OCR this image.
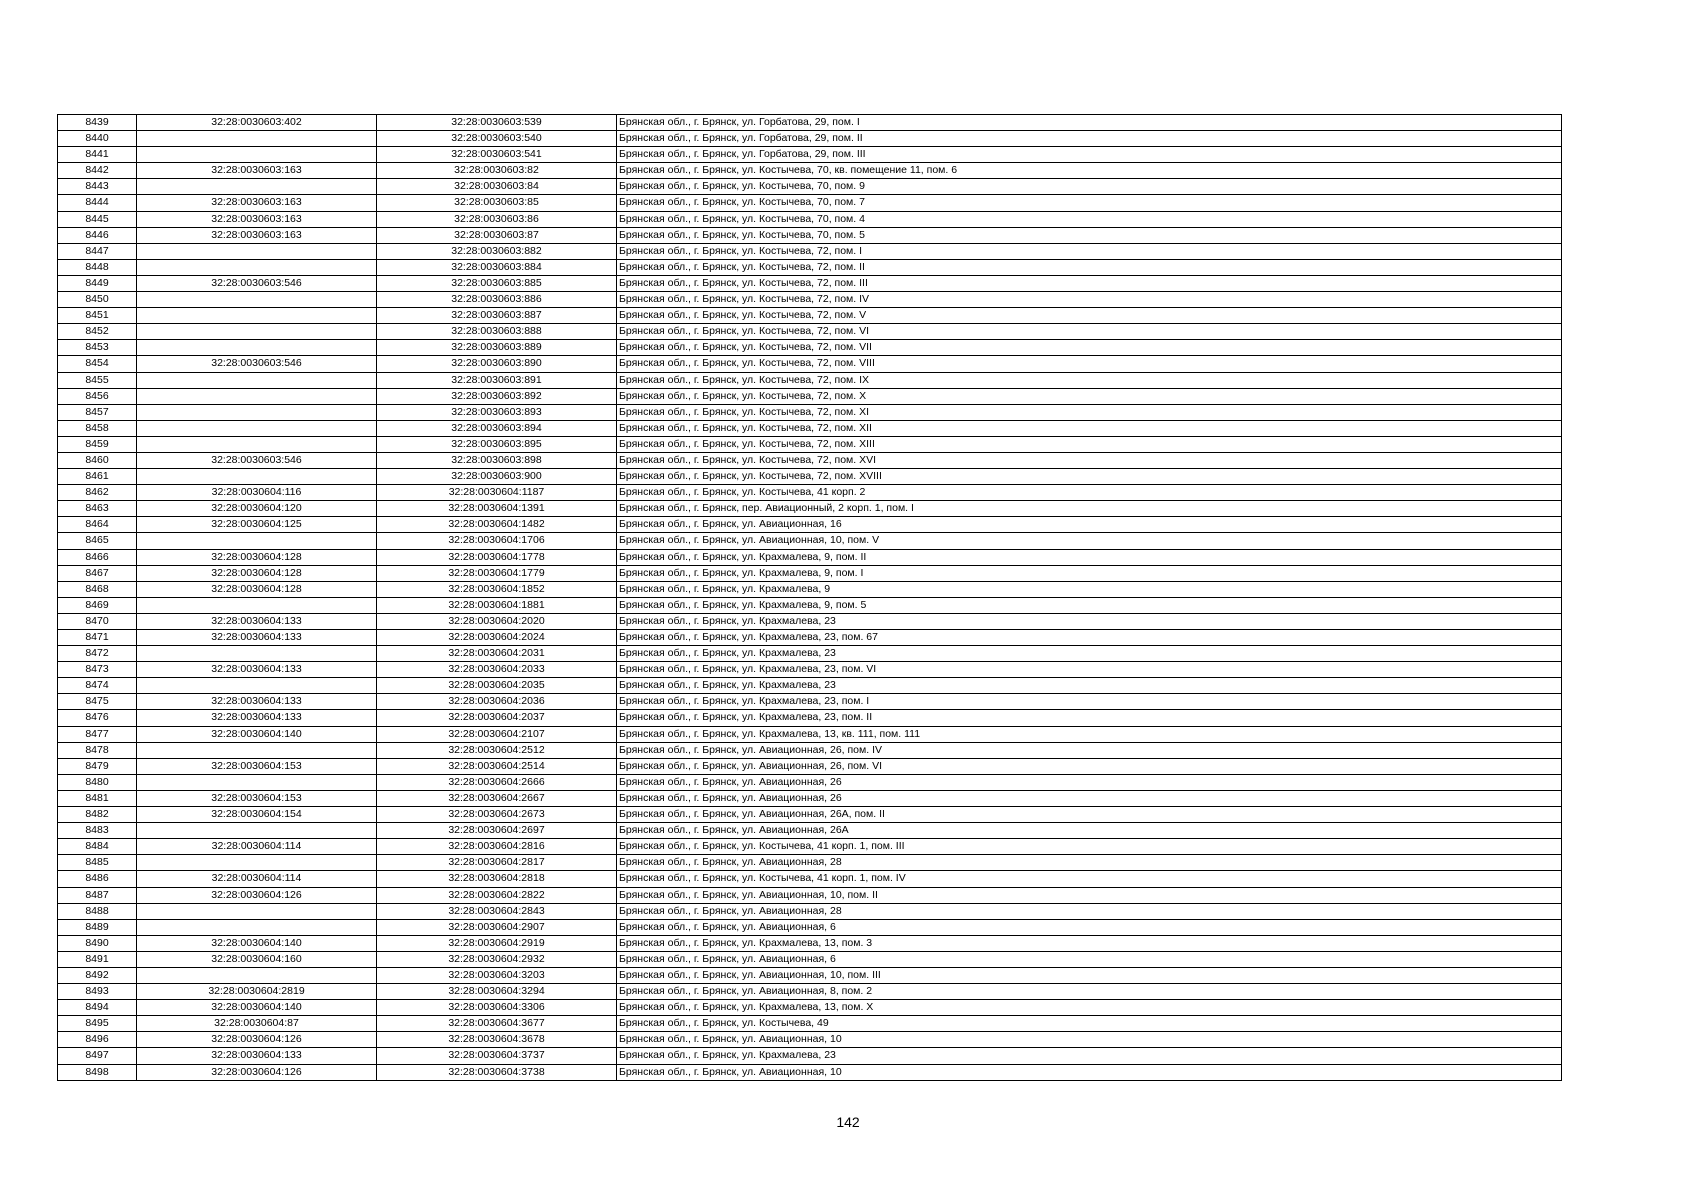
8439	32:28:0030603:402	32:28:0030603:539	Брянская обл., г. Брянск, ул. Горбатова, 29, пом. I
8440		32:28:0030603:540	Брянская обл., г. Брянск, ул. Горбатова, 29, пом. II
8441		32:28:0030603:541	Брянская обл., г. Брянск, ул. Горбатова, 29, пом. III
8442	32:28:0030603:163	32:28:0030603:82	Брянская обл., г. Брянск, ул. Костычева, 70, кв. помещение 11, пом. 6
8443		32:28:0030603:84	Брянская обл., г. Брянск, ул. Костычева, 70, пом. 9
8444	32:28:0030603:163	32:28:0030603:85	Брянская обл., г. Брянск, ул. Костычева, 70, пом. 7
8445	32:28:0030603:163	32:28:0030603:86	Брянская обл., г. Брянск, ул. Костычева, 70, пом. 4
8446	32:28:0030603:163	32:28:0030603:87	Брянская обл., г. Брянск, ул. Костычева, 70, пом. 5
8447		32:28:0030603:882	Брянская обл., г. Брянск, ул. Костычева, 72, пом. I
8448		32:28:0030603:884	Брянская обл., г. Брянск, ул. Костычева, 72, пом. II
8449	32:28:0030603:546	32:28:0030603:885	Брянская обл., г. Брянск, ул. Костычева, 72, пом. III
8450		32:28:0030603:886	Брянская обл., г. Брянск, ул. Костычева, 72, пом. IV
8451		32:28:0030603:887	Брянская обл., г. Брянск, ул. Костычева, 72, пом. V
8452		32:28:0030603:888	Брянская обл., г. Брянск, ул. Костычева, 72, пом. VI
8453		32:28:0030603:889	Брянская обл., г. Брянск, ул. Костычева, 72, пом. VII
8454	32:28:0030603:546	32:28:0030603:890	Брянская обл., г. Брянск, ул. Костычева, 72, пом. VIII
8455		32:28:0030603:891	Брянская обл., г. Брянск, ул. Костычева, 72, пом. IX
8456		32:28:0030603:892	Брянская обл., г. Брянск, ул. Костычева, 72, пом. X
8457		32:28:0030603:893	Брянская обл., г. Брянск, ул. Костычева, 72, пом. XI
8458		32:28:0030603:894	Брянская обл., г. Брянск, ул. Костычева, 72, пом. XII
8459		32:28:0030603:895	Брянская обл., г. Брянск, ул. Костычева, 72, пом. XIII
8460	32:28:0030603:546	32:28:0030603:898	Брянская обл., г. Брянск, ул. Костычева, 72, пом. XVI
8461		32:28:0030603:900	Брянская обл., г. Брянск, ул. Костычева, 72, пом. XVIII
8462	32:28:0030604:116	32:28:0030604:1187	Брянская обл., г. Брянск, ул. Костычева, 41 корп. 2
8463	32:28:0030604:120	32:28:0030604:1391	Брянская обл., г. Брянск, пер. Авиационный, 2 корп. 1, пом. I
8464	32:28:0030604:125	32:28:0030604:1482	Брянская обл., г. Брянск, ул. Авиационная, 16
8465		32:28:0030604:1706	Брянская обл., г. Брянск, ул. Авиационная, 10, пом. V
8466	32:28:0030604:128	32:28:0030604:1778	Брянская обл., г. Брянск, ул. Крахмалева, 9, пом. II
8467	32:28:0030604:128	32:28:0030604:1779	Брянская обл., г. Брянск, ул. Крахмалева, 9, пом. I
8468	32:28:0030604:128	32:28:0030604:1852	Брянская обл., г. Брянск, ул. Крахмалева, 9
8469		32:28:0030604:1881	Брянская обл., г. Брянск, ул. Крахмалева, 9, пом. 5
8470	32:28:0030604:133	32:28:0030604:2020	Брянская обл., г. Брянск, ул. Крахмалева, 23
8471	32:28:0030604:133	32:28:0030604:2024	Брянская обл., г. Брянск, ул. Крахмалева, 23, пом. 67
8472		32:28:0030604:2031	Брянская обл., г. Брянск, ул. Крахмалева, 23
8473	32:28:0030604:133	32:28:0030604:2033	Брянская обл., г. Брянск, ул. Крахмалева, 23, пом. VI
8474		32:28:0030604:2035	Брянская обл., г. Брянск, ул. Крахмалева, 23
8475	32:28:0030604:133	32:28:0030604:2036	Брянская обл., г. Брянск, ул. Крахмалева, 23, пом. I
8476	32:28:0030604:133	32:28:0030604:2037	Брянская обл., г. Брянск, ул. Крахмалева, 23, пом. II
8477	32:28:0030604:140	32:28:0030604:2107	Брянская обл., г. Брянск, ул. Крахмалева, 13, кв. 111, пом. 111
8478		32:28:0030604:2512	Брянская обл., г. Брянск, ул. Авиационная, 26, пом. IV
8479	32:28:0030604:153	32:28:0030604:2514	Брянская обл., г. Брянск, ул. Авиационная, 26, пом. VI
8480		32:28:0030604:2666	Брянская обл., г. Брянск, ул. Авиационная, 26
8481	32:28:0030604:153	32:28:0030604:2667	Брянская обл., г. Брянск, ул. Авиационная, 26
8482	32:28:0030604:154	32:28:0030604:2673	Брянская обл., г. Брянск, ул. Авиационная, 26А, пом. II
8483		32:28:0030604:2697	Брянская обл., г. Брянск, ул. Авиационная, 26А
8484	32:28:0030604:114	32:28:0030604:2816	Брянская обл., г. Брянск, ул. Костычева, 41 корп. 1, пом. III
8485		32:28:0030604:2817	Брянская обл., г. Брянск, ул. Авиационная, 28
8486	32:28:0030604:114	32:28:0030604:2818	Брянская обл., г. Брянск, ул. Костычева, 41 корп. 1, пом. IV
8487	32:28:0030604:126	32:28:0030604:2822	Брянская обл., г. Брянск, ул. Авиационная, 10, пом. II
8488		32:28:0030604:2843	Брянская обл., г. Брянск, ул. Авиационная, 28
8489		32:28:0030604:2907	Брянская обл., г. Брянск, ул. Авиационная, 6
8490	32:28:0030604:140	32:28:0030604:2919	Брянская обл., г. Брянск, ул. Крахмалева, 13, пом. 3
8491	32:28:0030604:160	32:28:0030604:2932	Брянская обл., г. Брянск, ул. Авиационная, 6
8492		32:28:0030604:3203	Брянская обл., г. Брянск, ул. Авиационная, 10, пом. III
8493	32:28:0030604:2819	32:28:0030604:3294	Брянская обл., г. Брянск, ул. Авиационная, 8, пом. 2
8494	32:28:0030604:140	32:28:0030604:3306	Брянская обл., г. Брянск, ул. Крахмалева, 13, пом. X
8495	32:28:0030604:87	32:28:0030604:3677	Брянская обл., г. Брянск, ул. Костычева, 49
8496	32:28:0030604:126	32:28:0030604:3678	Брянская обл., г. Брянск, ул. Авиационная, 10
8497	32:28:0030604:133	32:28:0030604:3737	Брянская обл., г. Брянск, ул. Крахмалева, 23
8498	32:28:0030604:126	32:28:0030604:3738	Брянская обл., г. Брянск, ул. Авиационная, 10
142
